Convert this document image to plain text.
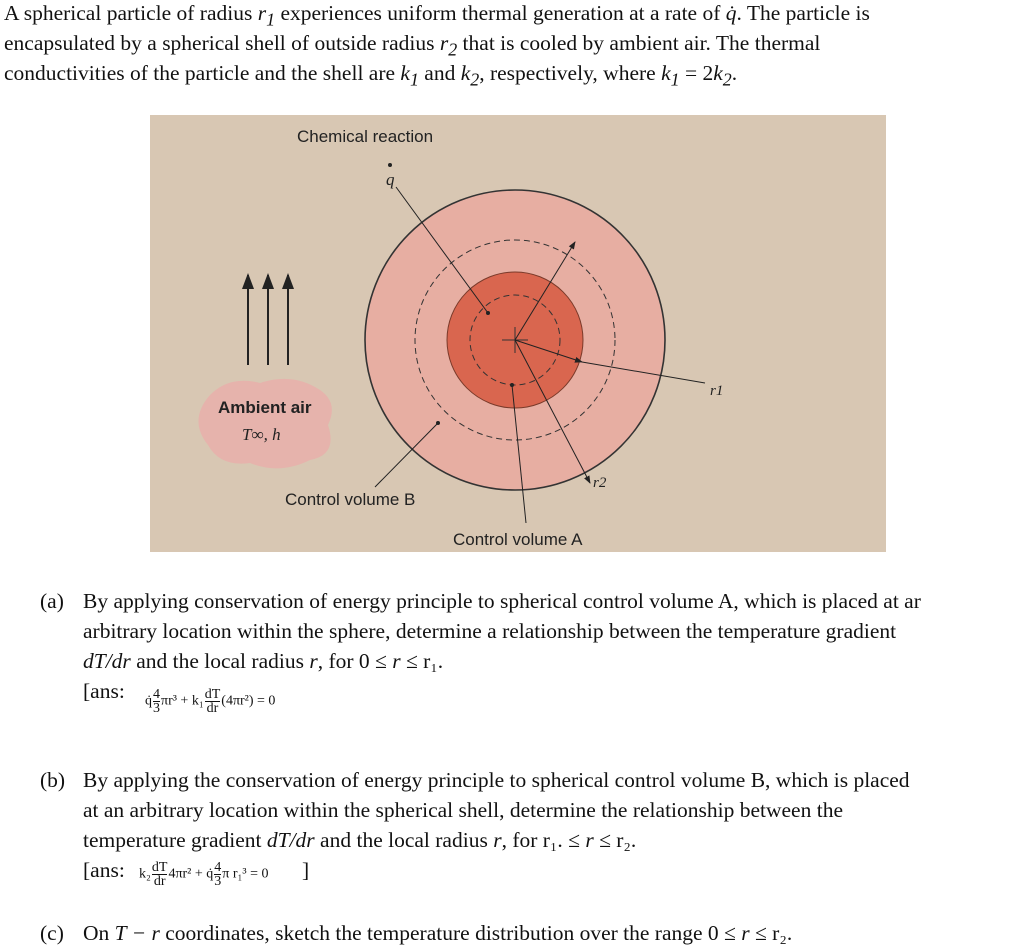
A spherical particle of radius $r_1$ experiences uniform thermal generation at a rate of q̇. The particle is
encapsulated by a spherical shell of outside radius $r_2$ that is cooled by ambient air. The thermal
conductivities of the particle and the shell are $k_1$ and $k_2$, respectively, where $k_1 = 2k_2$.
Chemical reaction
q
Ambient air
T∞, h
r1
r2
Control volume B
Control volume A
(a) By applying conservation of energy principle to spherical control volume A, which is placed at ar
arbitrary location within the sphere, determine a relationship between the temperature gradient
dT/dr and the local radius r, for 0 ≤ r ≤ r₁.
[ans: q̇ $\frac{4}{3} \pi r^3 + k_1 \frac{dT}{dr} (4\pi r^2) = 0$
(b) By applying the conservation of energy principle to spherical control volume B, which is placed
at an arbitrary location within the spherical shell, determine the relationship between the
temperature gradient dT/dr and the local radius r, for r₁. ≤ r ≤ r₂.
[ans: $k_2 \frac{dT}{dr} 4\pi r^2$ + q̇ $\frac{4}{3}$ π r₁³ = 0 ]
(c) On T − r coordinates, sketch the temperature distribution over the range 0 ≤ r ≤ r₂.
